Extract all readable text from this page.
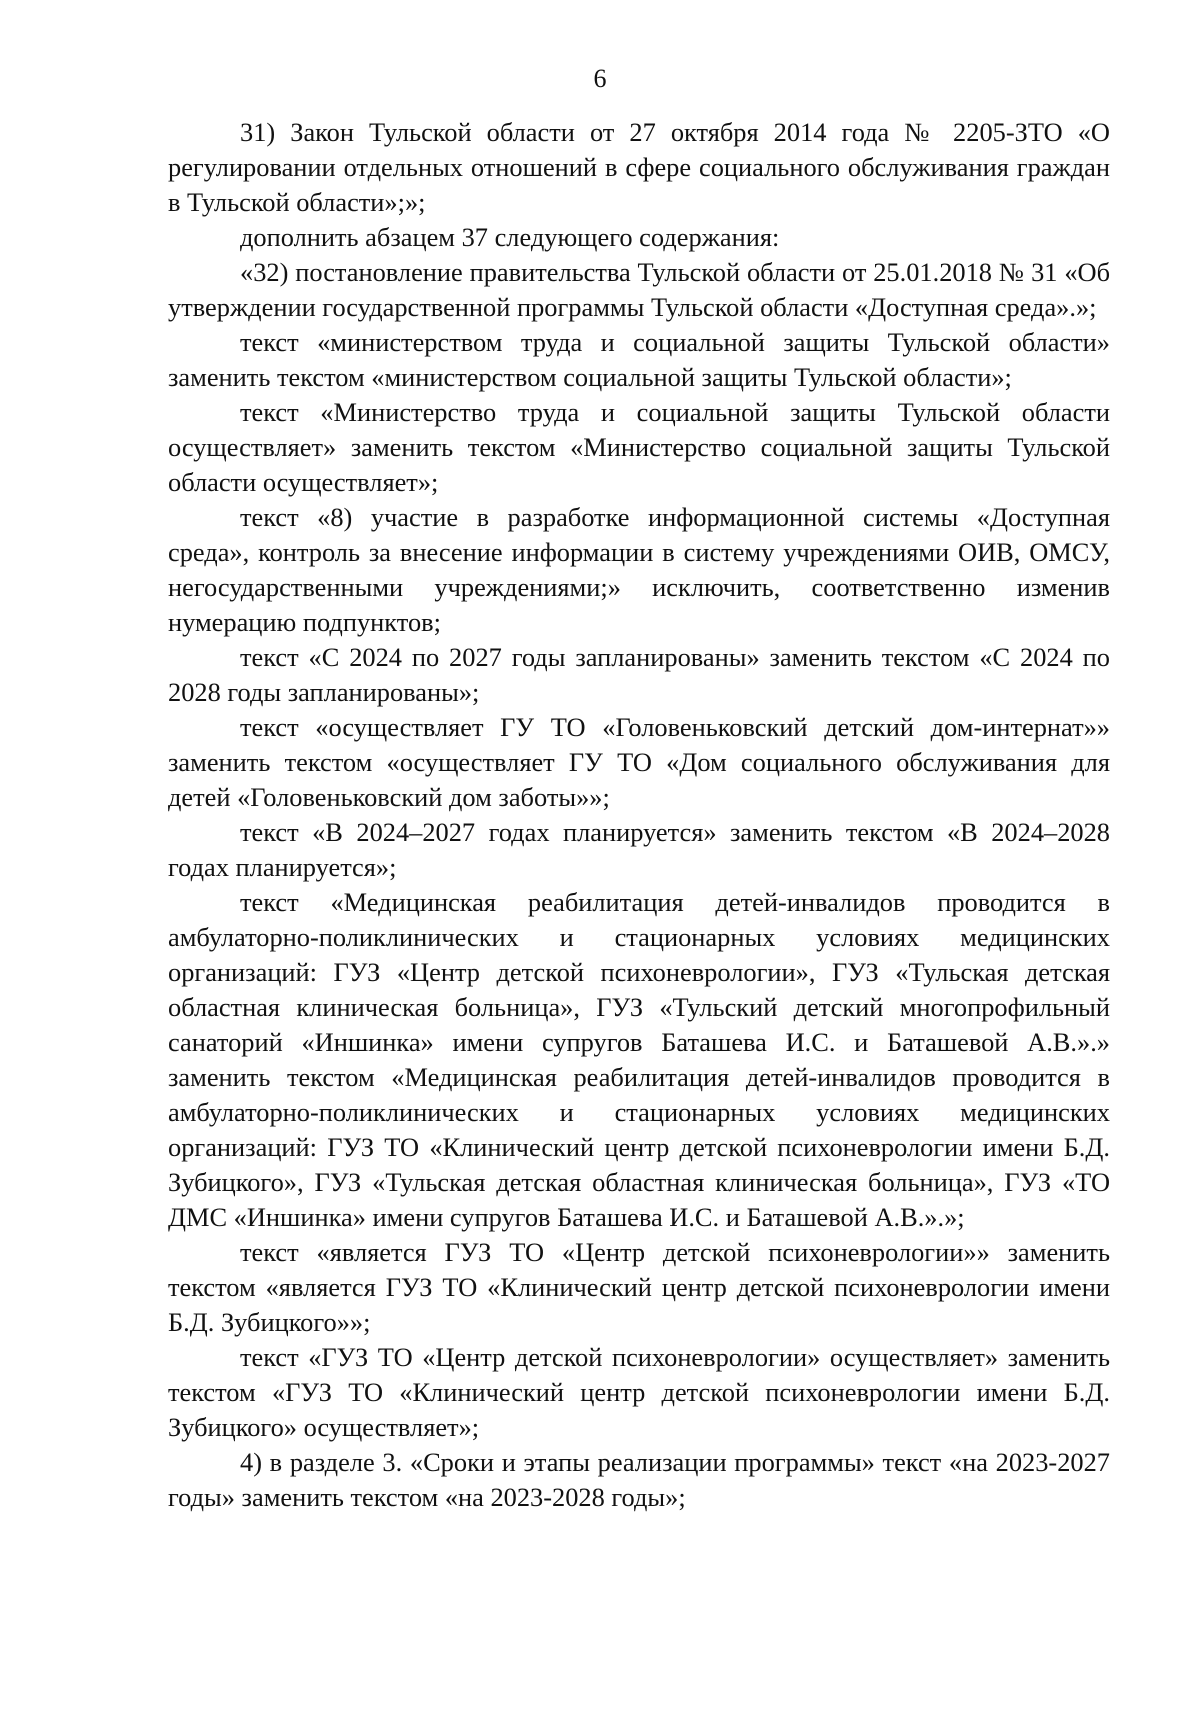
6

31) Закон Тульской области от 27 октября 2014 года № 2205-ЗТО «О регулировании отдельных отношений в сфере социального обслуживания граждан в Тульской области»;»;

дополнить абзацем 37 следующего содержания:

«32) постановление правительства Тульской области от 25.01.2018 № 31 «Об утверждении государственной программы Тульской области «Доступная среда».»;

текст «министерством труда и социальной защиты Тульской области» заменить текстом «министерством социальной защиты Тульской области»;

текст «Министерство труда и социальной защиты Тульской области осуществляет» заменить текстом «Министерство социальной защиты Тульской области осуществляет»;

текст «8) участие в разработке информационной системы «Доступная среда», контроль за внесение информации в систему учреждениями ОИВ, ОМСУ, негосударственными учреждениями;» исключить, соответственно изменив нумерацию подпунктов;

текст «С 2024 по 2027 годы запланированы» заменить текстом «С 2024 по 2028 годы запланированы»;

текст «осуществляет ГУ ТО «Головеньковский детский дом-интернат»» заменить текстом «осуществляет ГУ ТО «Дом социального обслуживания для детей «Головеньковский дом заботы»»;

текст «В 2024–2027 годах планируется» заменить текстом «В 2024–2028 годах планируется»;

текст «Медицинская реабилитация детей-инвалидов проводится в амбулаторно-поликлинических и стационарных условиях медицинских организаций: ГУЗ «Центр детской психоневрологии», ГУЗ «Тульская детская областная клиническая больница», ГУЗ «Тульский детский многопрофильный санаторий «Иншинка» имени супругов Баташева И.С. и Баташевой А.В.».» заменить текстом «Медицинская реабилитация детей-инвалидов проводится в амбулаторно-поликлинических и стационарных условиях медицинских организаций: ГУЗ ТО «Клинический центр детской психоневрологии имени Б.Д. Зубицкого», ГУЗ «Тульская детская областная клиническая больница», ГУЗ «ТО ДМС «Иншинка» имени супругов Баташева И.С. и Баташевой А.В.».»;

текст «является ГУЗ ТО «Центр детской психоневрологии»» заменить текстом «является ГУЗ ТО «Клинический центр детской психоневрологии имени Б.Д. Зубицкого»»;

текст «ГУЗ ТО «Центр детской психоневрологии» осуществляет» заменить текстом «ГУЗ ТО «Клинический центр детской психоневрологии имени Б.Д. Зубицкого» осуществляет»;

4) в разделе 3. «Сроки и этапы реализации программы» текст «на 2023-2027 годы» заменить текстом «на 2023-2028 годы»;
